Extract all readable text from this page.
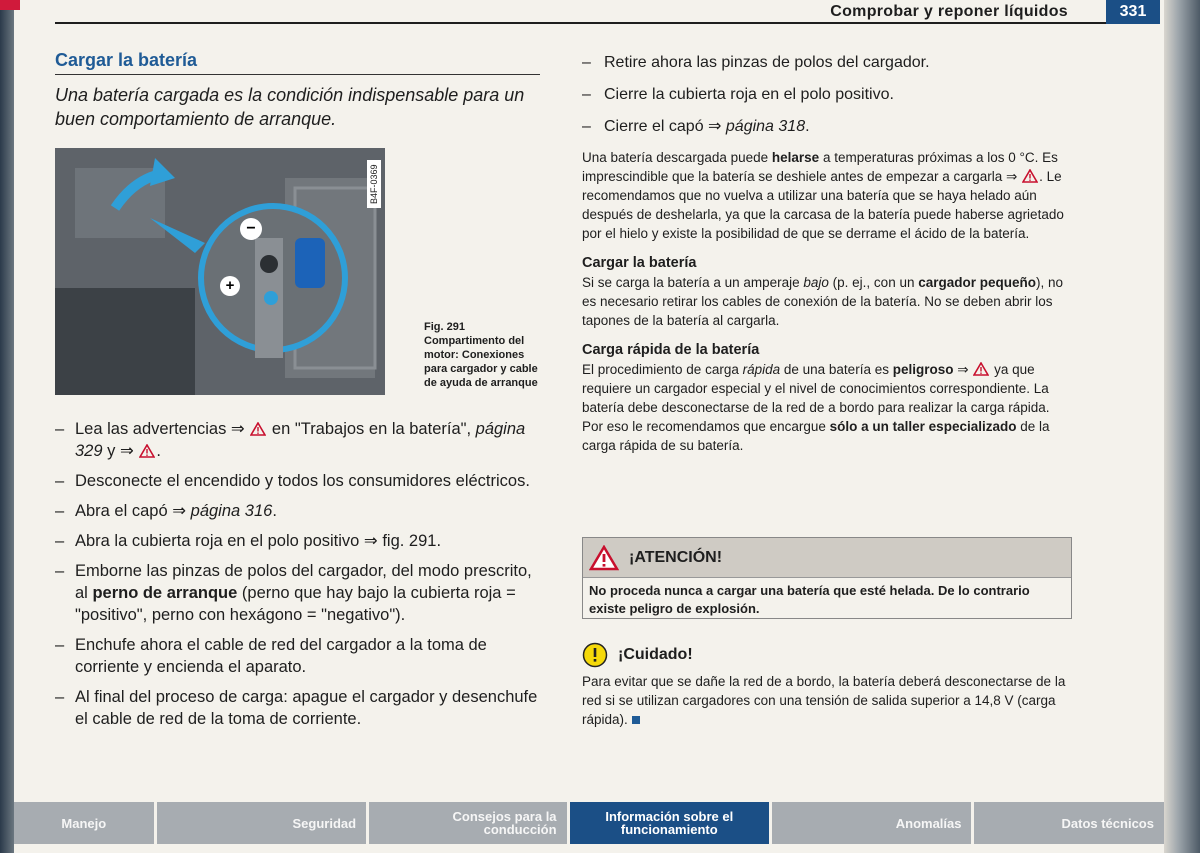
Comprobar y reponer líquidos	331
Cargar la batería
Una batería cargada es la condición indispensable para un buen comportamiento de arranque.
−
+
B4F-0369
Fig. 291 Compartimento del motor: Conexiones para cargador y cable de ayuda de arranque
– Lea las advertencias ⇒  en "Trabajos en la batería", página 329 y ⇒ .
– Desconecte el encendido y todos los consumidores eléctricos.
– Abra el capó ⇒ página 316.
– Abra la cubierta roja en el polo positivo ⇒ fig. 291.
– Emborne las pinzas de polos del cargador, del modo prescrito, al perno de arranque (perno que hay bajo la cubierta roja = "positivo", perno con hexágono = "negativo").
– Enchufe ahora el cable de red del cargador a la toma de corriente y encienda el aparato.
– Al final del proceso de carga: apague el cargador y desenchufe el cable de red de la toma de corriente.
– Retire ahora las pinzas de polos del cargador.
– Cierre la cubierta roja en el polo positivo.
– Cierre el capó ⇒ página 318.

Una batería descargada puede helarse a temperaturas próximas a los 0 °C. Es imprescindible que la batería se deshiele antes de empezar a cargarla ⇒ . Le recomendamos que no vuelva a utilizar una batería que se haya helado aún después de deshelarla, ya que la carcasa de la batería puede haberse agrietado por el hielo y existe la posibilidad de que se derrame el ácido de la batería.

Cargar la batería

Si se carga la batería a un amperaje bajo (p. ej., con un cargador pequeño), no es necesario retirar los cables de conexión de la batería. No se deben abrir los tapones de la batería al cargarla.

Carga rápida de la batería

El procedimiento de carga rápida de una batería es peligroso ⇒  ya que requiere un cargador especial y el nivel de conocimientos correspondiente. La batería debe desconectarse de la red de a bordo para realizar la carga rápida. Por eso le recomendamos que encargue sólo a un taller especializado de la carga rápida de su batería.

¡ATENCIÓN!
No proceda nunca a cargar una batería que esté helada. De lo contrario existe peligro de explosión.
¡Cuidado!

Para evitar que se dañe la red de a bordo, la batería deberá desconectarse de la red si se utilizan cargadores con una tensión de salida superior a 14,8 V (carga rápida).

Manejo	Seguridad	Consejos para la conducción
Información sobre el funcionamiento	Anomalías	Datos técnicos
